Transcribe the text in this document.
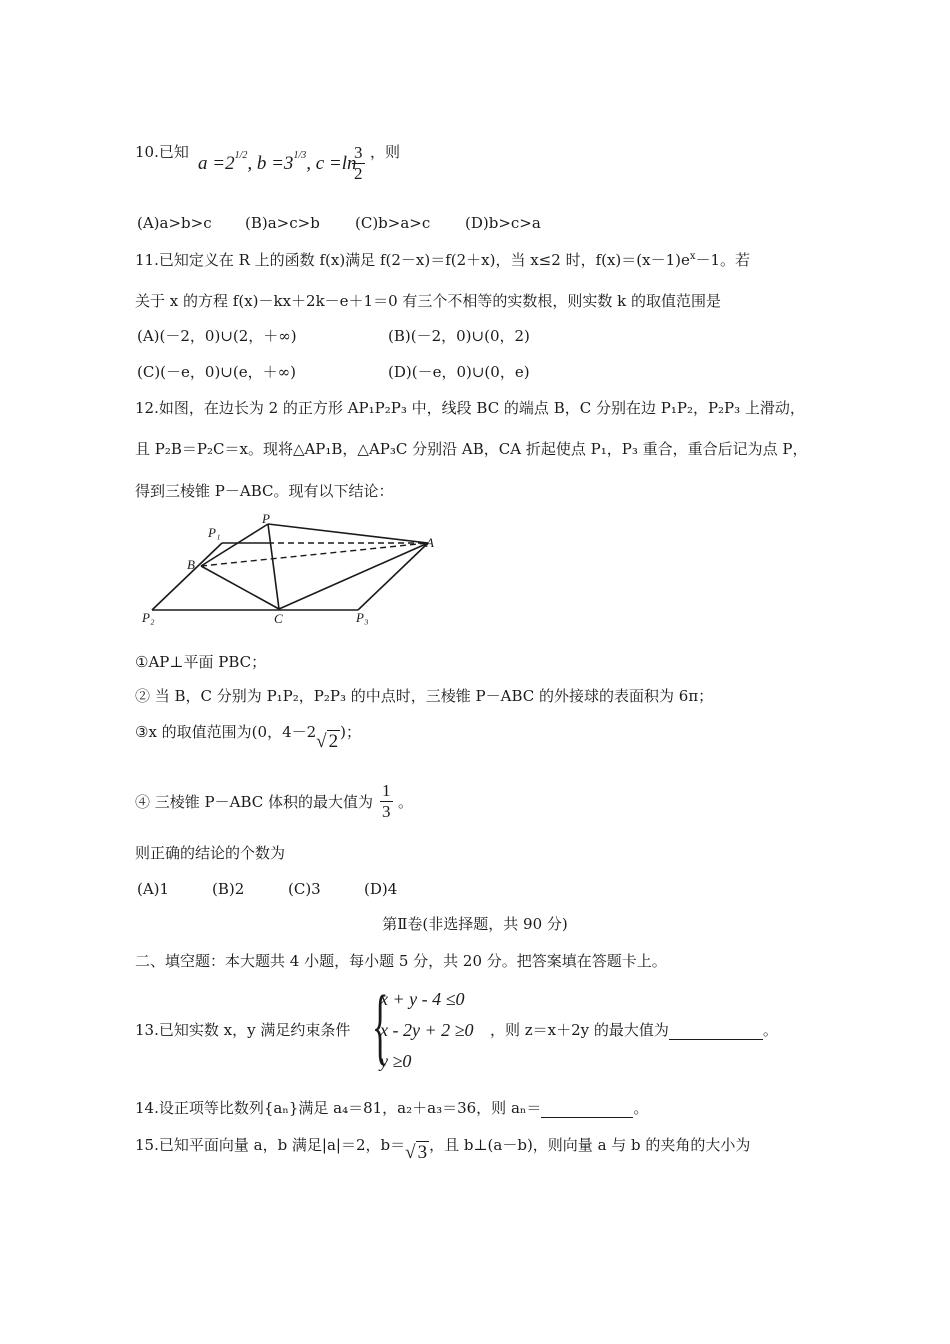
10.已知
$a =2^{1/2}$, $b =3^{1/3}$, c =ln
$\frac{3}{2}$ ，则
(A)a>b>c (B)a>c>b (C)b>a>c (D)b>c>a
11.已知定义在 R 上的函数 f(x)满足 f(2－x)＝f(2＋x)，当 x≤2 时，$f(x)=(x-1)e^x-1$。若
关于 x 的方程 f(x)－kx＋2k－e＋1＝0 有三个不相等的实数根，则实数 k 的取值范围是
(A)(－2，0)∪(2，＋∞)	(B)(－2，0)∪(0，2)
(C)(－e，0)∪(e，＋∞)	(D)(－e，0)∪(0，e)
12.如图，在边长为 2 的正方形 AP₁P₂P₃ 中，线段 BC 的端点 B，C 分别在边 P₁P₂，P₂P₃ 上滑动，
且 P₂B＝P₂C＝x。现将△AP₁B，△AP₃C 分别沿 AB，CA 折起使点 P₁，P₃ 重合，重合后记为点 P，
得到三棱锥 P－ABC。现有以下结论：
P₁
P
A
B
P₂	C	P₃
①AP⊥平面 PBC；
② 当 B，C 分别为 P₁P₂，P₂P₃ 的中点时，三棱锥 P－ABC 的外接球的表面积为 6π；
③x 的取值范围为(0，4－2√ 2 )；
④ 三棱锥 P－ABC 体积的最大值为 $\frac{1}{3}$ 。
则正确的结论的个数为
(A)1	(B)2	(C)3	(D)4
第Ⅱ卷(非选择题，共 90 分)
二、填空题：本大题共 4 小题，每小题 5 分，共 20 分。把答案填在答题卡上。
13.已知实数 x，y 满足约束条件 {
x + y - 4 ≤0
x - 2y + 2 ≥0
y ≥0
，则 z＝x＋2y 的最大值为	。
14.设正项等比数列{aₙ}满足 a₄＝81，a₂＋a₃＝36，则 aₙ＝	。
15.已知平面向量 a，b 满足|a|＝2，b＝√ 3 ，且 b⊥(a－b)，则向量 a 与 b 的夹角的大小为
